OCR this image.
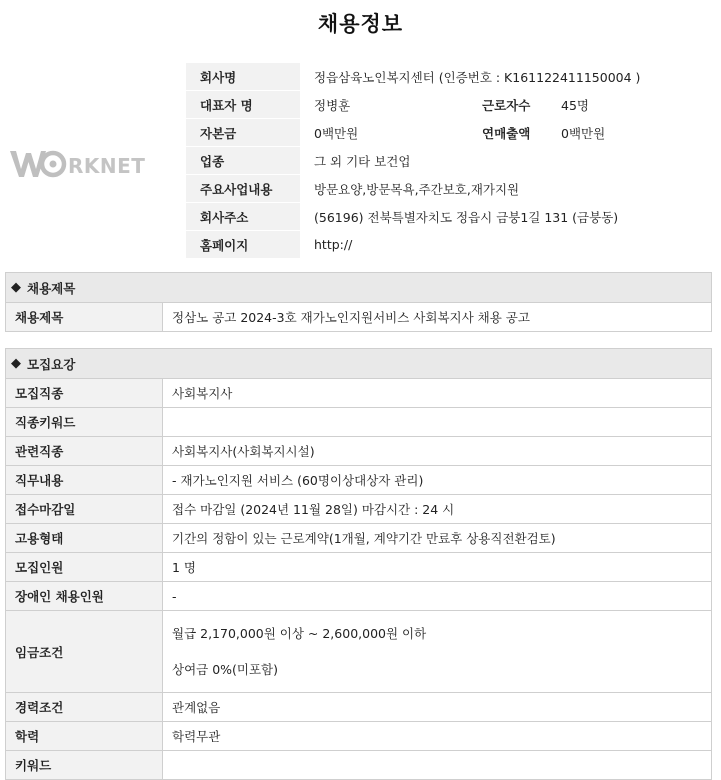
채용정보
RKNET
회사명	정읍삼육노인복지센터 (인증번호 : K161122411150004 )		
대표자 명	정병훈	근로자수	45명
자본금	0백만원	연매출액	0백만원
업종	그 외 기타 보건업		
주요사업내용	방문요양,방문목욕,주간보호,재가지원		
회사주소	(56196) 전북특별자치도 정읍시 금붕1길 131 (금붕동)		
홈페이지	http://		
◆ 채용제목
채용제목	정삼노 공고 2024-3호 재가노인지원서비스 사회복지사 채용 공고
◆ 모집요강
모집직종	사회복지사
직종키워드	
관련직종	사회복지사(사회복지시설)
직무내용	- 재가노인지원 서비스 (60명이상대상자 관리)
접수마감일	접수 마감일 (2024년 11월 28일) 마감시간 : 24 시
고용형태	기간의 정함이 있는 근로계약(1개월, 계약기간 만료후 상용직전환검토)
모집인원	1 명
장애인 채용인원	-
임금조건	월급 2,170,000원 이상 ~ 2,600,000원 이하
상여금 0%(미포함)

경력조건	관계없음
학력	학력무관
키워드	
